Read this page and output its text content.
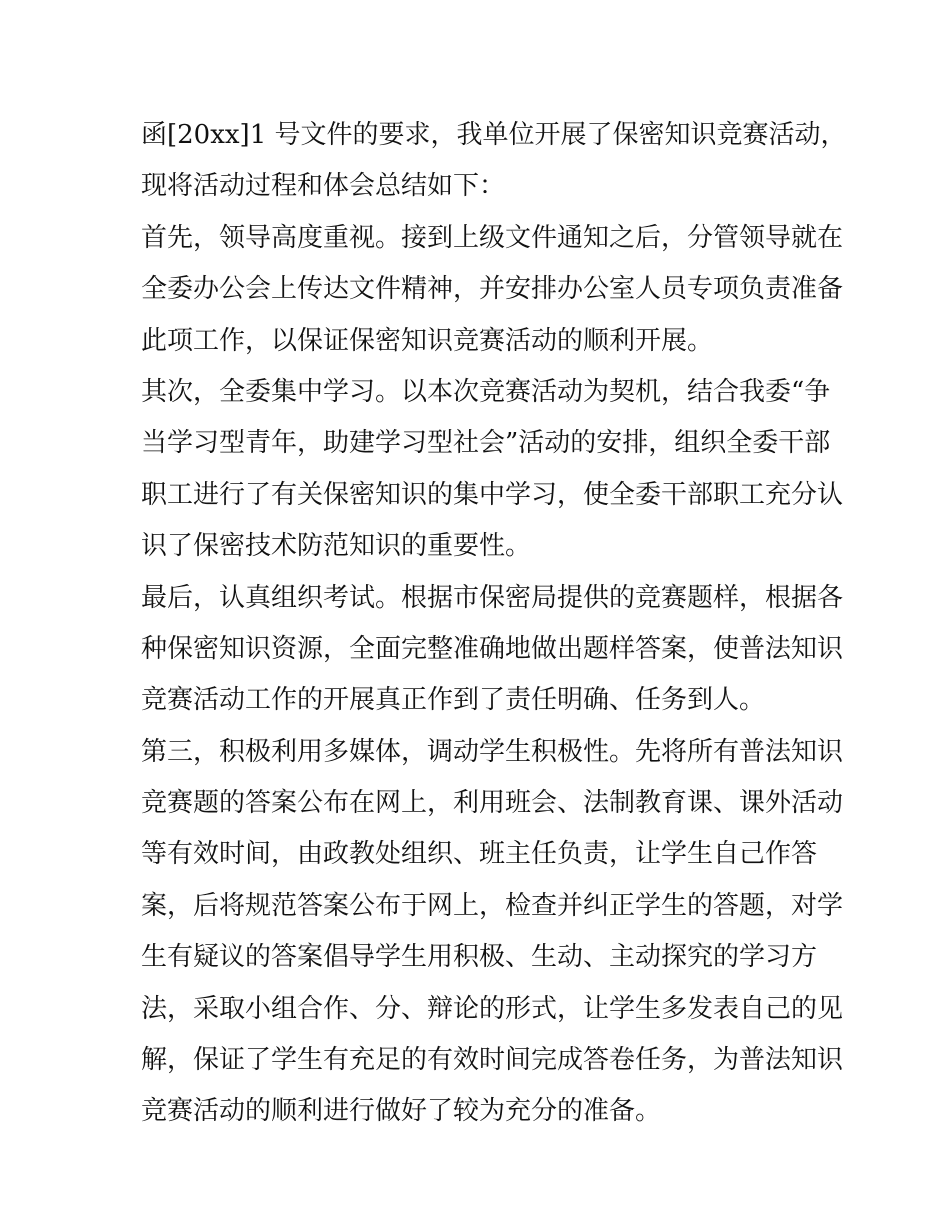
函[20xx]1 号文件的要求，我单位开展了保密知识竞赛活动，
现将活动过程和体会总结如下：
首先，领导高度重视。接到上级文件通知之后，分管领导就在
全委办公会上传达文件精神，并安排办公室人员专项负责准备
此项工作，以保证保密知识竞赛活动的顺利开展。
其次，全委集中学习。以本次竞赛活动为契机，结合我委“争
当学习型青年，助建学习型社会”活动的安排，组织全委干部
职工进行了有关保密知识的集中学习，使全委干部职工充分认
识了保密技术防范知识的重要性。
最后，认真组织考试。根据市保密局提供的竞赛题样，根据各
种保密知识资源，全面完整准确地做出题样答案，使普法知识
竞赛活动工作的开展真正作到了责任明确、任务到人。
第三，积极利用多媒体，调动学生积极性。先将所有普法知识
竞赛题的答案公布在网上，利用班会、法制教育课、课外活动
等有效时间，由政教处组织、班主任负责，让学生自己作答
案，后将规范答案公布于网上，检查并纠正学生的答题，对学
生有疑议的答案倡导学生用积极、生动、主动探究的学习方
法，采取小组合作、分、辩论的形式，让学生多发表自己的见
解，保证了学生有充足的有效时间完成答卷任务，为普法知识
竞赛活动的顺利进行做好了较为充分的准备。
